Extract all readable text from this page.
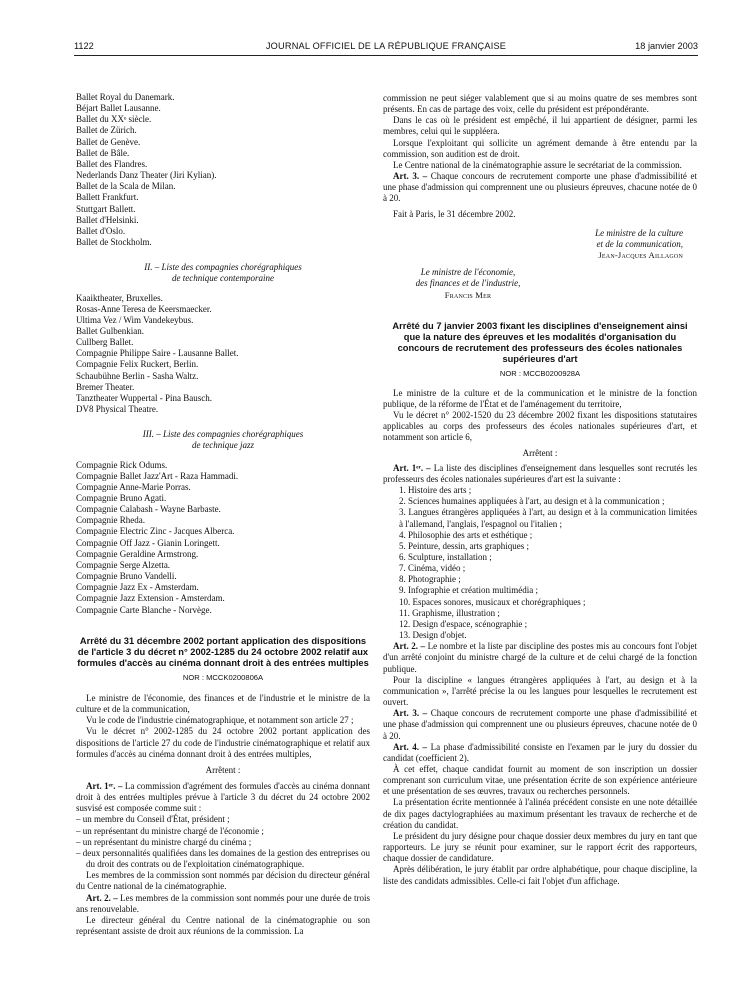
1122	JOURNAL OFFICIEL DE LA RÉPUBLIQUE FRANÇAISE	18 janvier 2003

Ballet Royal du Danemark.

Béjart Ballet Lausanne.

Ballet du XXᵉ siècle.

Ballet de Zürich.

Ballet de Genève.

Ballet de Bâle.

Ballet des Flandres.

Nederlands Danz Theater (Jiri Kylian).

Ballet de la Scala de Milan.

Ballett Frankfurt.

Stuttgart Ballett.

Ballet d'Helsinki.

Ballet d'Oslo.

Ballet de Stockholm.

II. – Liste des compagnies chorégraphiques

de technique contemporaine

Kaaiktheater, Bruxelles.

Rosas-Anne Teresa de Keersmaecker.

Ultima Vez / Wim Vandekeybus.

Ballet Gulbenkian.

Cullberg Ballet.

Compagnie Philippe Saire - Lausanne Ballet.

Compagnie Felix Ruckert, Berlin.

Schaubühne Berlin - Sasha Waltz.

Bremer Theater.

Tanztheater Wuppertal - Pina Bausch.

DV8 Physical Theatre.

III. – Liste des compagnies chorégraphiques

de technique jazz

Compagnie Rick Odums.

Compagnie Ballet Jazz'Art - Raza Hammadi.

Compagnie Anne-Marie Porras.

Compagnie Bruno Agati.

Compagnie Calabash - Wayne Barbaste.

Compagnie Rheda.

Compagnie Electric Zinc - Jacques Alberca.

Compagnie Off Jazz - Gianin Loringett.

Compagnie Geraldine Armstrong.

Compagnie Serge Alzetta.

Compagnie Bruno Vandelli.

Compagnie Jazz Ex - Amsterdam.

Compagnie Jazz Extension - Amsterdam.

Compagnie Carte Blanche - Norvège.

Arrêté du 31 décembre 2002 portant application des dispositions de l'article 3 du décret n° 2002-1285 du 24 octobre 2002 relatif aux formules d'accès au cinéma donnant droit à des entrées multiples

NOR : MCCK0200806A

Le ministre de l'économie, des finances et de l'industrie et le ministre de la culture et de la communication,

Vu le code de l'industrie cinématographique, et notamment son article 27 ;

Vu le décret n° 2002-1285 du 24 octobre 2002 portant application des dispositions de l'article 27 du code de l'industrie cinématographique et relatif aux formules d'accès au cinéma donnant droit à des entrées multiples,

Arrêtent :

Art. 1ᵉʳ. – La commission d'agrément des formules d'accès au cinéma donnant droit à des entrées multiples prévue à l'article 3 du décret du 24 octobre 2002 susvisé est composée comme suit :

– un membre du Conseil d'État, président ;

– un représentant du ministre chargé de l'économie ;

– un représentant du ministre chargé du cinéma ;

– deux personnalités qualifiées dans les domaines de la gestion des entreprises ou du droit des contrats ou de l'exploitation cinématographique.

Les membres de la commission sont nommés par décision du directeur général du Centre national de la cinématographie.

Art. 2. – Les membres de la commission sont nommés pour une durée de trois ans renouvelable.

Le directeur général du Centre national de la cinématographie ou son représentant assiste de droit aux réunions de la commission. La

commission ne peut siéger valablement que si au moins quatre de ses membres sont présents. En cas de partage des voix, celle du président est prépondérante.

Dans le cas où le président est empêché, il lui appartient de désigner, parmi les membres, celui qui le suppléera.

Lorsque l'exploitant qui sollicite un agrément demande à être entendu par la commission, son audition est de droit.

Le Centre national de la cinématographie assure le secrétariat de la commission.

Art. 3. – Chaque concours de recrutement comporte une phase d'admissibilité et une phase d'admission qui comprennent une ou plusieurs épreuves, chacune notée de 0 à 20.

Fait à Paris, le 31 décembre 2002.

Le ministre de la culture

et de la communication,

Jean-Jacques Aillagon

Le ministre de l'économie,

des finances et de l'industrie,

Francis Mer

Arrêté du 7 janvier 2003 fixant les disciplines d'enseignement ainsi que la nature des épreuves et les modalités d'organisation du concours de recrutement des professeurs des écoles nationales supérieures d'art

NOR : MCCB0200928A

Le ministre de la culture et de la communication et le ministre de la fonction publique, de la réforme de l'État et de l'aménagement du territoire,

Vu le décret n° 2002-1520 du 23 décembre 2002 fixant les dispositions statutaires applicables au corps des professeurs des écoles nationales supérieures d'art, et notamment son article 6,

Arrêtent :

Art. 1ᵉʳ. – La liste des disciplines d'enseignement dans lesquelles sont recrutés les professeurs des écoles nationales supérieures d'art est la suivante :

1. Histoire des arts ;

2. Sciences humaines appliquées à l'art, au design et à la communication ;

3. Langues étrangères appliquées à l'art, au design et à la communication limitées à l'allemand, l'anglais, l'espagnol ou l'italien ;

4. Philosophie des arts et esthétique ;

5. Peinture, dessin, arts graphiques ;

6. Sculpture, installation ;

7. Cinéma, vidéo ;

8. Photographie ;

9. Infographie et création multimédia ;

10. Espaces sonores, musicaux et chorégraphiques ;

11. Graphisme, illustration ;

12. Design d'espace, scénographie ;

13. Design d'objet.

Art. 2. – Le nombre et la liste par discipline des postes mis au concours font l'objet d'un arrêté conjoint du ministre chargé de la culture et de celui chargé de la fonction publique.

Pour la discipline « langues étrangères appliquées à l'art, au design et à la communication », l'arrêté précise la ou les langues pour lesquelles le recrutement est ouvert.

Art. 3. – Chaque concours de recrutement comporte une phase d'admissibilité et une phase d'admission qui comprennent une ou plusieurs épreuves, chacune notée de 0 à 20.

Art. 4. – La phase d'admissibilité consiste en l'examen par le jury du dossier du candidat (coefficient 2).

À cet effet, chaque candidat fournit au moment de son inscription un dossier comprenant son curriculum vitae, une présentation écrite de son expérience antérieure et une présentation de ses œuvres, travaux ou recherches personnels.

La présentation écrite mentionnée à l'alinéa précédent consiste en une note détaillée de dix pages dactylographiées au maximum présentant les travaux de recherche et de création du candidat.

Le président du jury désigne pour chaque dossier deux membres du jury en tant que rapporteurs. Le jury se réunit pour examiner, sur le rapport écrit des rapporteurs, chaque dossier de candidature.

Après délibération, le jury établit par ordre alphabétique, pour chaque discipline, la liste des candidats admissibles. Celle-ci fait l'objet d'un affichage.
